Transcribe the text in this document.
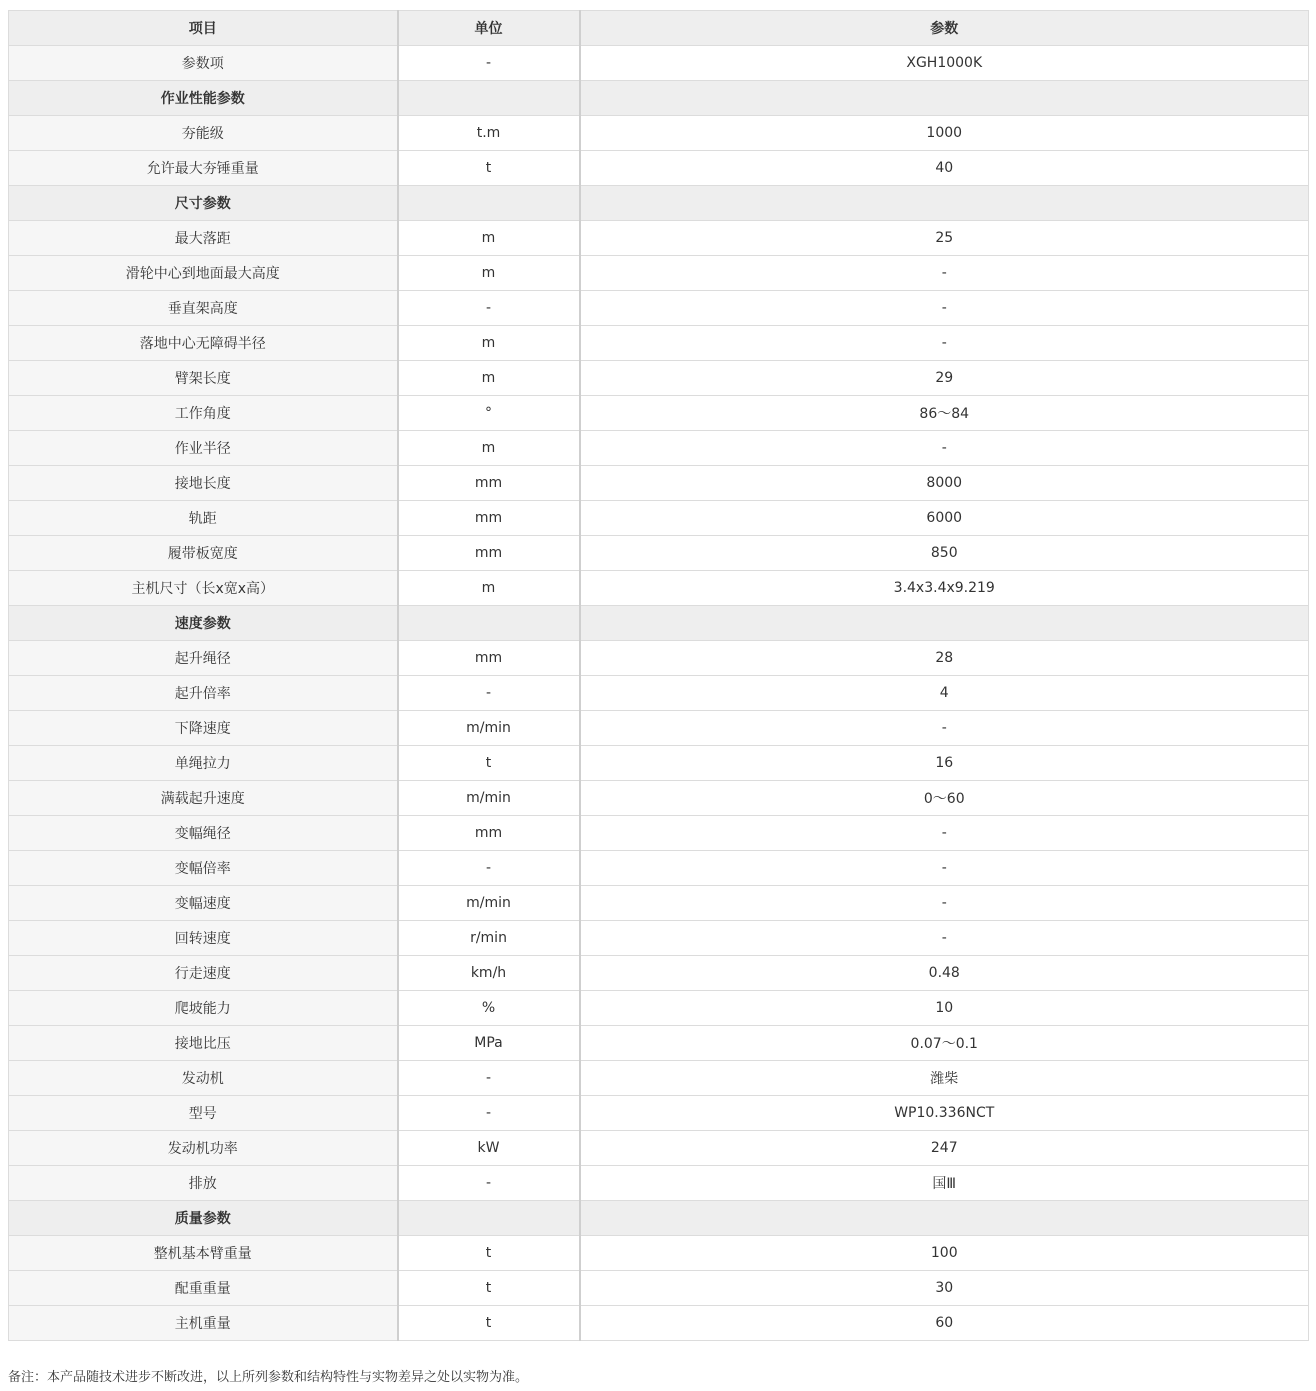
项目	单位	参数
参数项	-	XGH1000K
作业性能参数		
夯能级	t.m	1000
允许最大夯锤重量	t	40
尺寸参数		
最大落距	m	25
滑轮中心到地面最大高度	m	-
垂直架高度	-	-
落地中心无障碍半径	m	-
臂架长度	m	29
工作角度	°	86～84
作业半径	m	-
接地长度	mm	8000
轨距	mm	6000
履带板宽度	mm	850
主机尺寸（长x宽x高）	m	3.4x3.4x9.219
速度参数		
起升绳径	mm	28
起升倍率	-	4
下降速度	m/min	-
单绳拉力	t	16
满载起升速度	m/min	0～60
变幅绳径	mm	-
变幅倍率	-	-
变幅速度	m/min	-
回转速度	r/min	-
行走速度	km/h	0.48
爬坡能力	%	10
接地比压	MPa	0.07～0.1
发动机	-	潍柴
型号	-	WP10.336NCT
发动机功率	kW	247
排放	-	国Ⅲ
质量参数		
整机基本臂重量	t	100
配重重量	t	30
主机重量	t	60
备注：本产品随技术进步不断改进，以上所列参数和结构特性与实物差异之处以实物为准。
